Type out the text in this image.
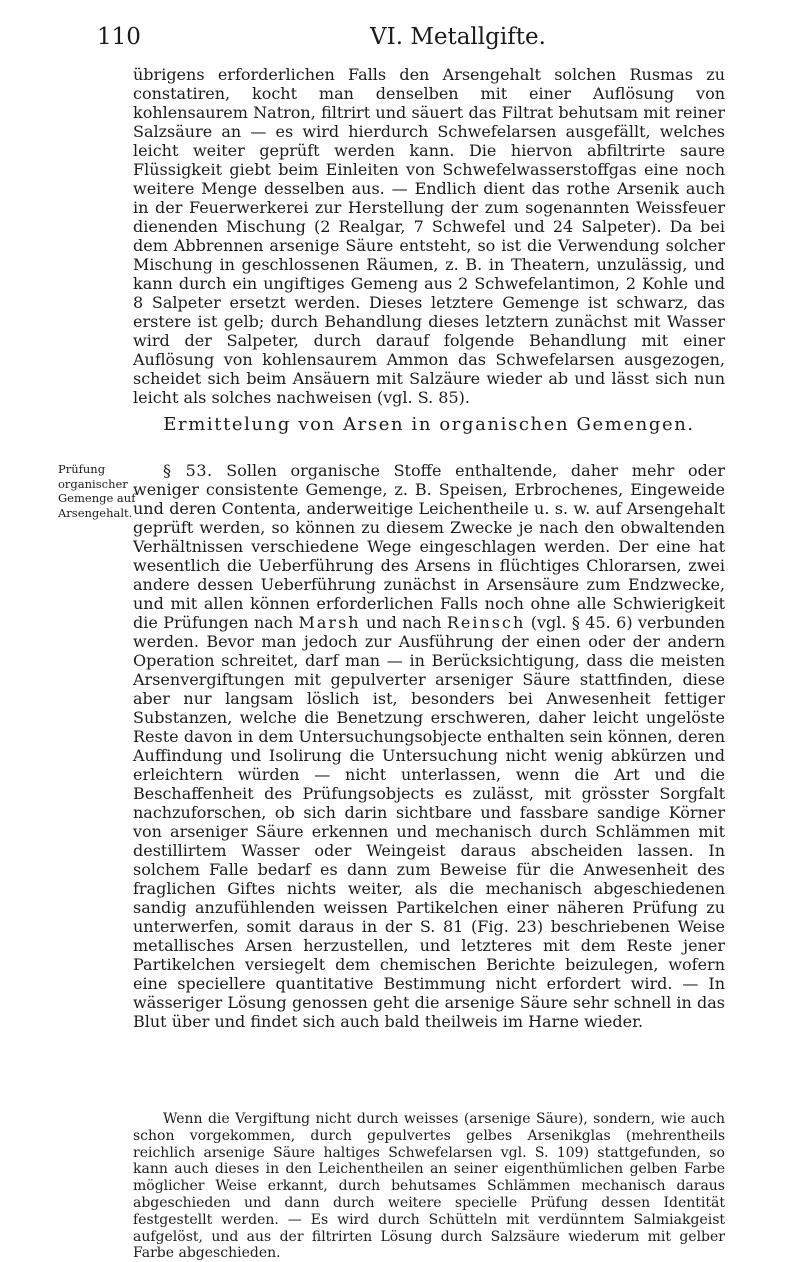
110	VI. Metallgifte.

übrigens erforderlichen Falls den Arsengehalt solchen Rusmas zu constatiren, kocht man denselben mit einer Auflösung von kohlensaurem Natron, filtrirt und säuert das Filtrat behutsam mit reiner Salzsäure an — es wird hierdurch Schwefelarsen ausgefällt, welches leicht weiter geprüft werden kann. Die hiervon abfiltrirte saure Flüssigkeit giebt beim Einleiten von Schwefelwasserstoffgas eine noch weitere Menge desselben aus. — Endlich dient das rothe Arsenik auch in der Feuerwerkerei zur Herstellung der zum sogenannten Weissfeuer dienenden Mischung (2 Realgar, 7 Schwefel und 24 Salpeter). Da bei dem Abbrennen arsenige Säure entsteht, so ist die Verwendung solcher Mischung in geschlossenen Räumen, z. B. in Theatern, unzulässig, und kann durch ein ungiftiges Gemeng aus 2 Schwefelantimon, 2 Kohle und 8 Salpeter ersetzt werden. Dieses letztere Gemenge ist schwarz, das erstere ist gelb; durch Behandlung dieses letztern zunächst mit Wasser wird der Salpeter, durch darauf folgende Behandlung mit einer Auflösung von kohlensaurem Ammon das Schwefelarsen ausgezogen, scheidet sich beim Ansäuern mit Salzäure wieder ab und lässt sich nun leicht als solches nachweisen (vgl. S. 85).

Ermittelung von Arsen in organischen Gemengen.
Prüfung organischer Gemenge auf Arsengehalt.

§ 53. Sollen organische Stoffe enthaltende, daher mehr oder weniger consistente Gemenge, z. B. Speisen, Erbrochenes, Eingeweide und deren Contenta, anderweitige Leichentheile u. s. w. auf Arsengehalt geprüft werden, so können zu diesem Zwecke je nach den obwaltenden Verhältnissen verschiedene Wege eingeschlagen werden. Der eine hat wesentlich die Ueberführung des Arsens in flüchtiges Chlorarsen, zwei andere dessen Ueberführung zunächst in Arsensäure zum Endzwecke, und mit allen können erforderlichen Falls noch ohne alle Schwierigkeit die Prüfungen nach Marsh und nach Reinsch (vgl. § 45. 6) verbunden werden. Bevor man jedoch zur Ausführung der einen oder der andern Operation schreitet, darf man — in Berücksichtigung, dass die meisten Arsenvergiftungen mit gepulverter arseniger Säure stattfinden, diese aber nur langsam löslich ist, besonders bei Anwesenheit fettiger Substanzen, welche die Benetzung erschweren, daher leicht ungelöste Reste davon in dem Untersuchungsobjecte enthalten sein können, deren Auffindung und Isolirung die Untersuchung nicht wenig abkürzen und erleichtern würden — nicht unterlassen, wenn die Art und die Beschaffenheit des Prüfungsobjects es zulässt, mit grösster Sorgfalt nachzuforschen, ob sich darin sichtbare und fassbare sandige Körner von arseniger Säure erkennen und mechanisch durch Schlämmen mit destillirtem Wasser oder Weingeist daraus abscheiden lassen. In solchem Falle bedarf es dann zum Beweise für die Anwesenheit des fraglichen Giftes nichts weiter, als die mechanisch abgeschiedenen sandig anzufühlenden weissen Partikelchen einer näheren Prüfung zu unterwerfen, somit daraus in der S. 81 (Fig. 23) beschriebenen Weise metallisches Arsen herzustellen, und letzteres mit dem Reste jener Partikelchen versiegelt dem chemischen Berichte beizulegen, wofern eine speciellere quantitative Bestimmung nicht erfordert wird. — In wässeriger Lösung genossen geht die arsenige Säure sehr schnell in das Blut über und findet sich auch bald theilweis im Harne wieder.

Wenn die Vergiftung nicht durch weisses (arsenige Säure), sondern, wie auch schon vorgekommen, durch gepulvertes gelbes Arsenikglas (mehrentheils reichlich arsenige Säure haltiges Schwefelarsen vgl. S. 109) stattgefunden, so kann auch dieses in den Leichentheilen an seiner eigenthümlichen gelben Farbe möglicher Weise erkannt, durch behutsames Schlämmen mechanisch daraus abgeschieden und dann durch weitere specielle Prüfung dessen Identität festgestellt werden. — Es wird durch Schütteln mit verdünntem Salmiakgeist aufgelöst, und aus der filtrirten Lösung durch Salzsäure wiederum mit gelber Farbe abgeschieden.
